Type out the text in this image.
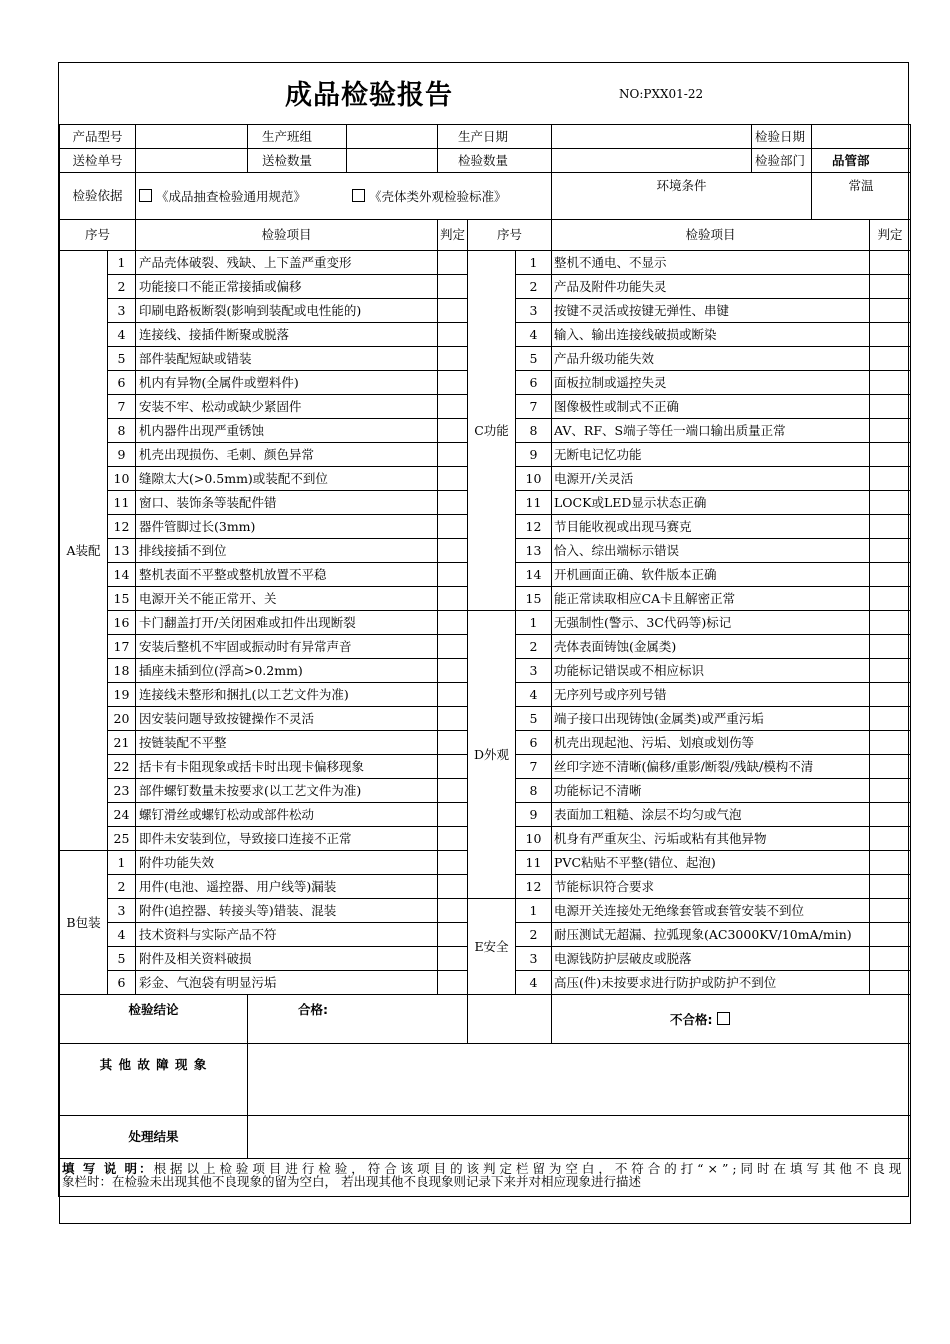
成品检验报告	NO:PXX01-22

产品型号			生产班组		生产日期				检验日期		
送检单号			送检数量		检验数量				检验部门	品管部	
检验依据		《成品抽查检验通用规范》 《壳体类外观检验标准》						环境条件		常温	
序号		检验项目			判定	序号		检验项目			判定
A装配	1	产品壳体破裂、残缺、上下盖严重变形				C功能	1	整机不通电、不显示			
	2	功能接口不能正常接插或偏移					2	产品及附件功能失灵			
	3	印刷电路板断裂(影响到装配或电性能的)					3	按键不灵活或按键无弹性、串键			
	4	连接线、接插件断聚或脱落					4	输入、输出连接线破损或断染			
	5	部件装配短缺或错装					5	产品升级功能失效			
	6	机内有异物(全属件或塑料件)					6	面板拉制或遥控失灵			
	7	安装不牢、松动或缺少紧固件					7	图像极性或制式不正确			
	8	机内器件出现严重锈蚀					8	AV、RF、S端子等任一端口输出质量正常			
	9	机壳出现损伤、毛刺、颜色异常					9	无断电记忆功能			
	10	缝隙太大(>0.5mm)或装配不到位					10	电源开/关灵活			
	11	窗口、装饰条等装配件错					11	LOCK或LED显示状态正确			
	12	器件管脚过长(3mm)					12	节目能收视或出现马赛克			
	13	排线接插不到位					13	恰入、综出端标示错误			
	14	整机表面不平整或整机放置不平稳					14	开机画面正确、软件版本正确			
	15	电源开关不能正常开、关					15	能正常读取相应CA卡且解密正常			
	16	卡门翻盖打开/关闭困难或扣件出现断裂				D外观	1	无强制性(警示、3C代码等)标记			
	17	安装后整机不牢固或振动时有异常声音					2	壳体表面铸蚀(金属类)			
	18	插座未插到位(浮高>0.2mm)					3	功能标记错误或不相应标识			
	19	连接线未整形和捆扎(以工艺文件为准)					4	无序列号或序列号错			
	20	因安装问题导致按键操作不灵活					5	端子接口出现铸蚀(金属类)或严重污垢			
	21	按链装配不平整					6	机壳出现起池、污垢、划痕或划伤等			
	22	括卡有卡阻现象或括卡时出现卡偏移现象					7	丝印字迹不清晰(偏移/重影/断裂/残缺/模构不清			
	23	部件螺钉数量未按要求(以工艺文件为准)					8	功能标记不清晰			
	24	螺钉滑丝或螺钉松动或部件松动					9	表面加工粗糙、涂层不均匀或气泡			
	25	即件未安装到位，导致接口连接不正常					10	机身有严重灰尘、污垢或粘有其他异物			
B包装	1	附件功能失效					11	PVC粘贴不平整(错位、起泡)			
	2	用件(电池、遥控器、用户线等)漏装					12	节能标识符合要求			
	3	附件(追控器、转接头等)错装、混装				E安全	1	电源开关连接处无绝缘套管或套管安装不到位			
	4	技术资料与实际产品不符					2	耐压测试无超漏、拉弧现象(AC3000KV/10mA/min)			
	5	附件及相关资料破损					3	电源钱防护层破皮或脱落			
	6	彩金、气泡袋有明显污垢					4	高压(件)未按要求进行防护或防护不到位			
检验结论			合格:					不合格:			
其 他 故 障 现 象											
处理结果											
填 写 说 明：根 据 以 上 检 验 项 目 进 行 检 验 ， 符 合 该 项 目 的 该 判 定 栏 留 为 空 白 ， 不 符 合 的 打 “ × ” ; 同 时 在 填 写 其 他 不 良 现象栏时：在检验未出现其他不良现象的留为空白， 若出现其他不良现象则记录下来并对相应现象进行描述											
